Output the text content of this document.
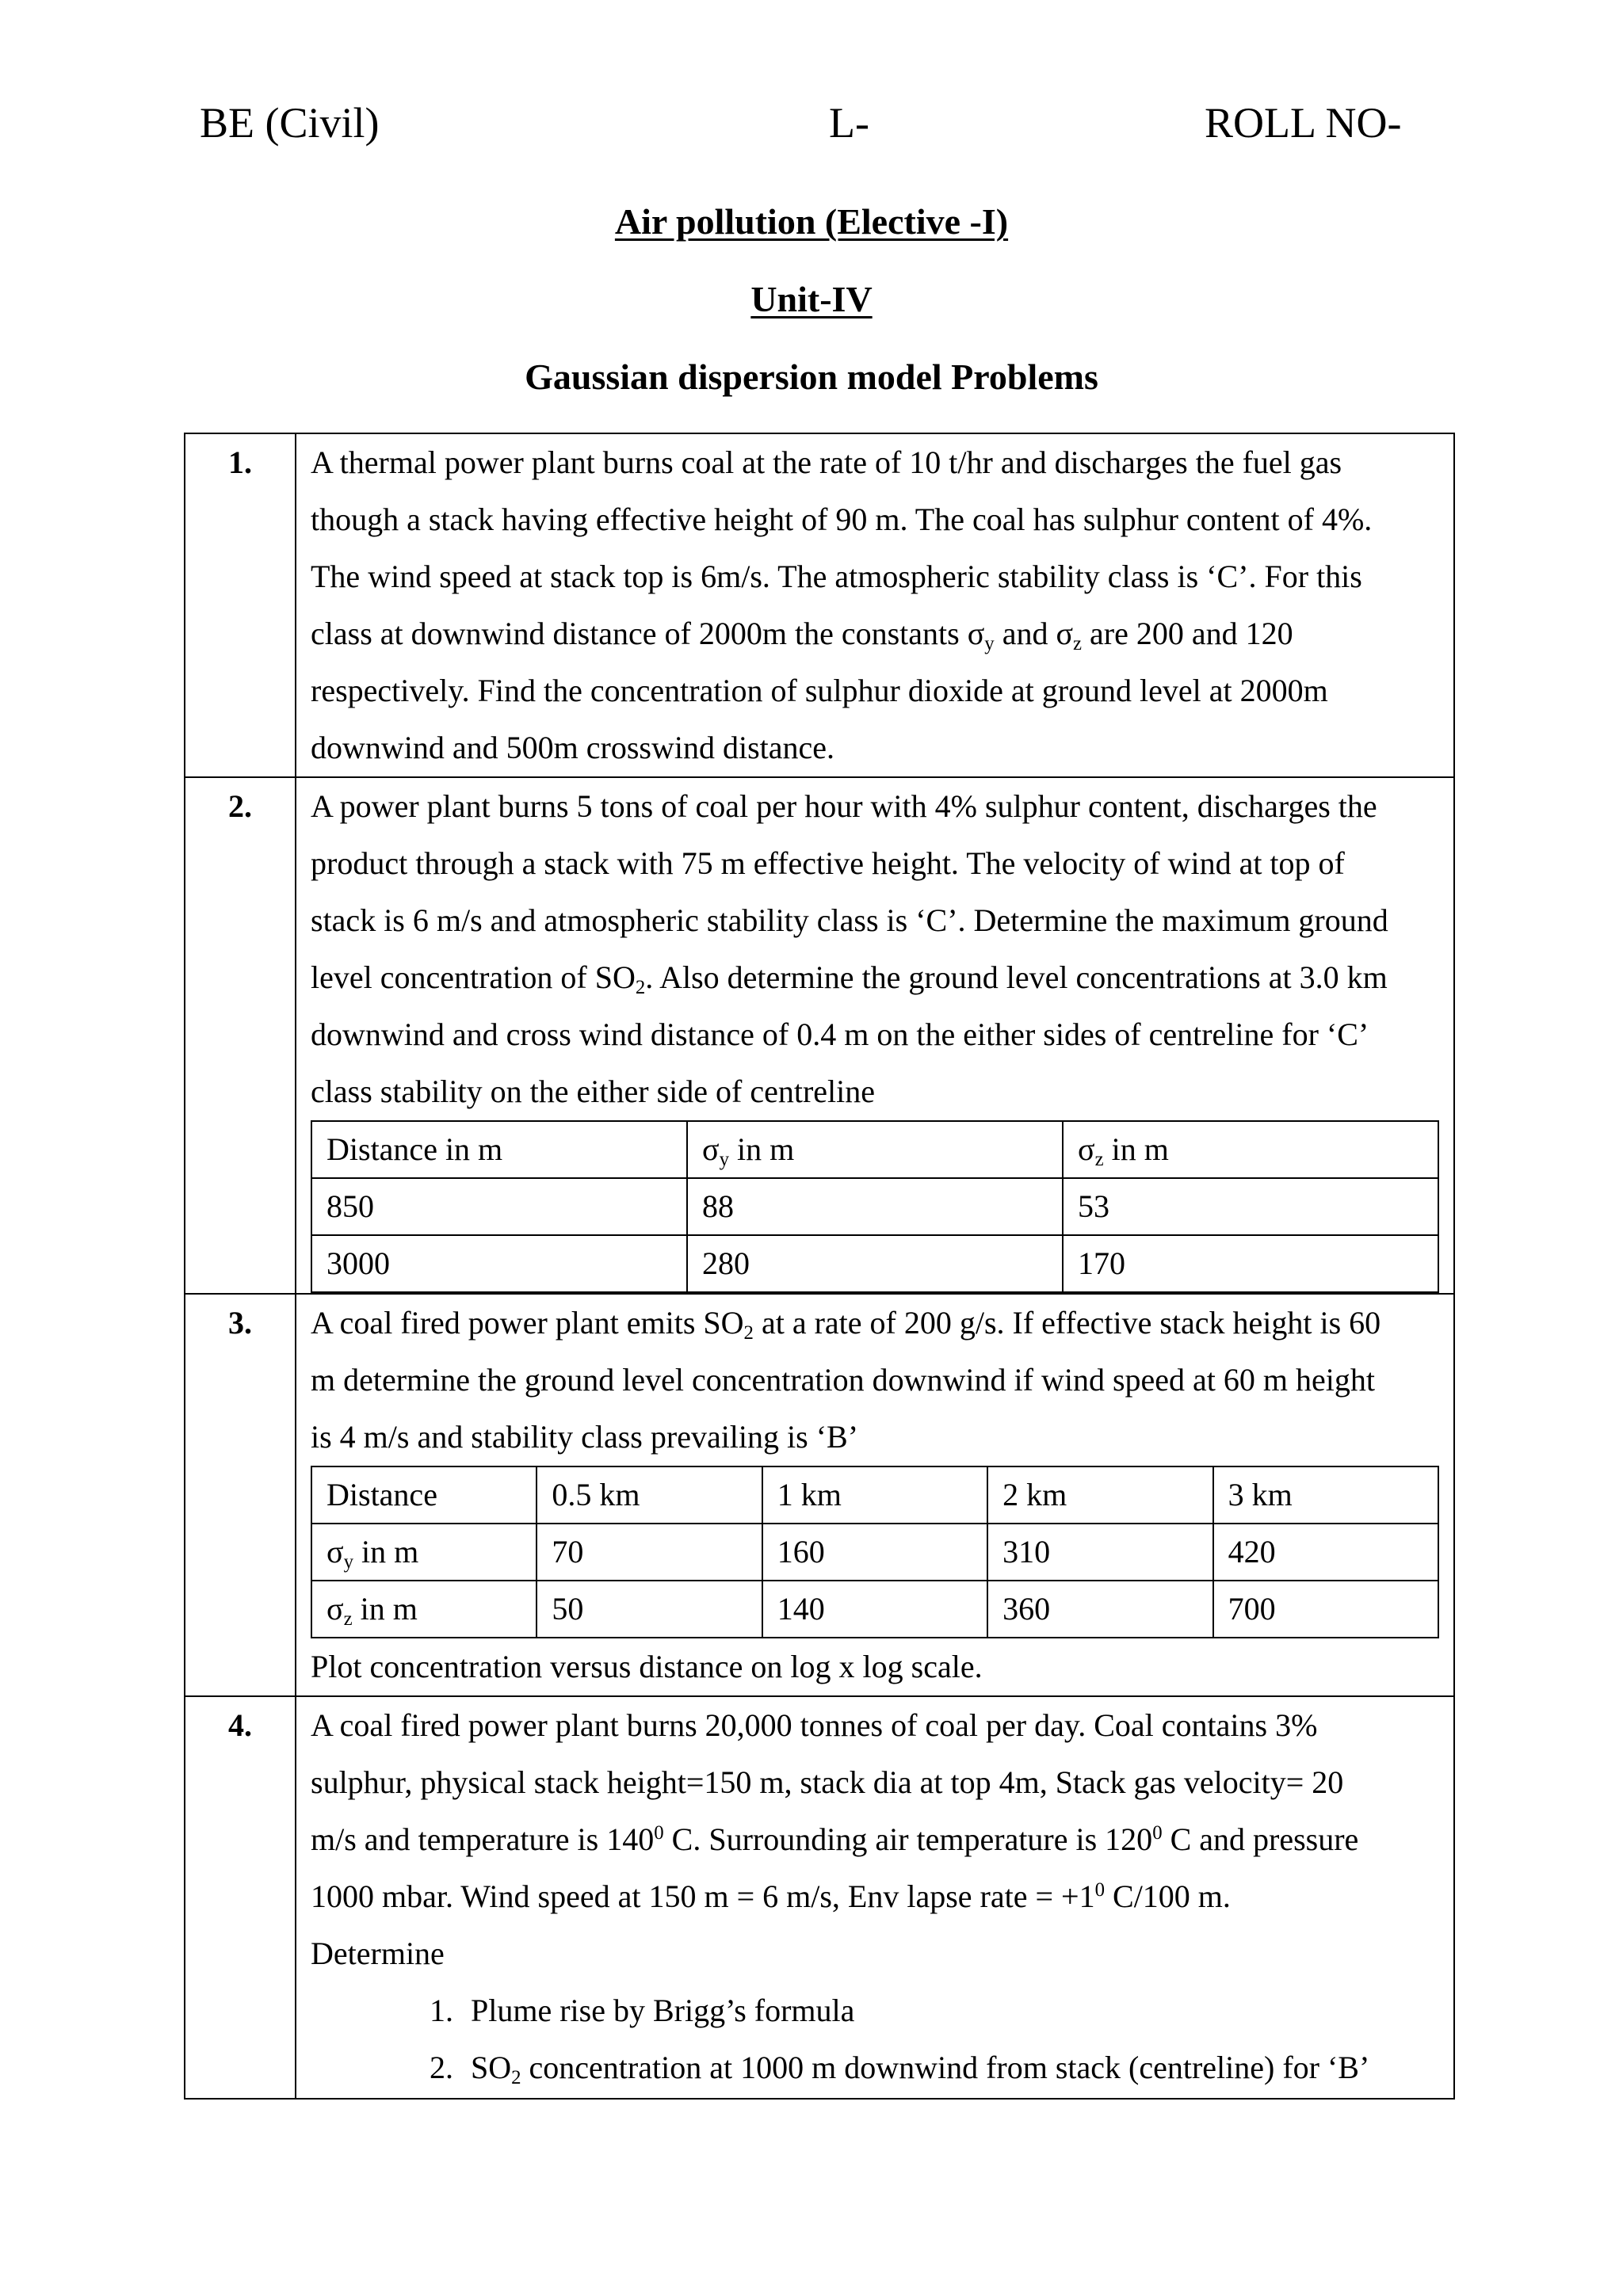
BE (Civil)	L-	ROLL NO-
Air pollution (Elective -I)
Unit-IV
Gaussian dispersion model Problems
1.	A thermal power plant burns coal at the rate of 10 t/hr and discharges the fuel gas
though a stack having effective height of 90 m. The coal has sulphur content of 4%.
The wind speed at stack top is 6m/s. The atmospheric stability class is ‘C’. For this
class at downwind distance of 2000m the constants σy and σz are 200 and 120
respectively. Find the concentration of sulphur dioxide at ground level at 2000m
downwind and 500m crosswind distance.

2.	A power plant burns 5 tons of coal per hour with 4% sulphur content, discharges the
product through a stack with 75 m effective height. The velocity of wind at top of
stack is 6 m/s and atmospheric stability class is ‘C’. Determine the maximum ground
level concentration of SO2. Also determine the ground level concentrations at 3.0 km
downwind and cross wind distance of 0.4 m on the either sides of centreline for ‘C’
class stability on the either side of centreline
Distance in m	σy in m	σz in m
850	88	53
3000	280	170

3.	A coal fired power plant emits SO2 at a rate of 200 g/s. If effective stack height is 60
m determine the ground level concentration downwind if wind speed at 60 m height
is 4 m/s and stability class prevailing is ‘B’
Distance	0.5 km	1 km	2 km	3 km
σy in m	70	160	310	420
σz in m	50	140	360	700
Plot concentration versus distance on log x log scale.

4.	A coal fired power plant burns 20,000 tonnes of coal per day. Coal contains 3%
sulphur, physical stack height=150 m, stack dia at top 4m, Stack gas velocity= 20
m/s and temperature is $140^0$ C. Surrounding air temperature is $120^0$ C and pressure
1000 mbar. Wind speed at 150 m = 6 m/s, Env lapse rate = $+1^0$ C/100 m.
Determine
1. Plume rise by Brigg’s formula
2. SO2 concentration at 1000 m downwind from stack (centreline) for ‘B’
